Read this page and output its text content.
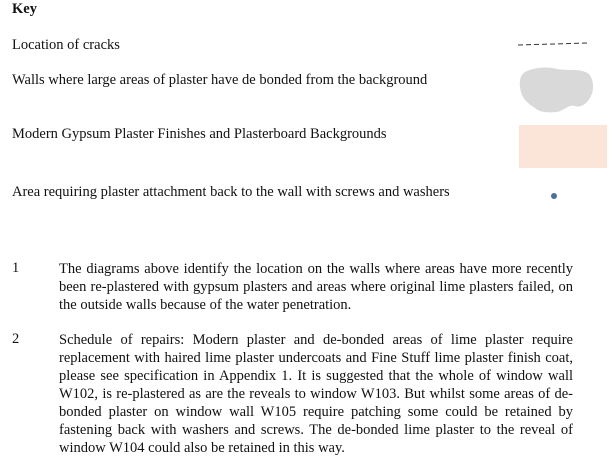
Key
Location of cracks
Walls where large areas of plaster have de bonded from the background
Modern Gypsum Plaster Finishes and Plasterboard Backgrounds
Area requiring plaster attachment back to the wall with screws and washers
1	The diagrams above identify the location on the walls where areas have more recently been re-plastered with gypsum plasters and areas where original lime plasters failed, on the outside walls because of the water penetration.
2	Schedule of repairs: Modern plaster and de-bonded areas of lime plaster require replacement with haired lime plaster undercoats and Fine Stuff lime plaster finish coat, please see specification in Appendix 1. It is suggested that the whole of window wall W102, is re-plastered as are the reveals to window W103. But whilst some areas of de-bonded plaster on window wall W105 require patching some could be retained by fastening back with washers and screws. The de-bonded lime plaster to the reveal of window W104 could also be retained in this way.
